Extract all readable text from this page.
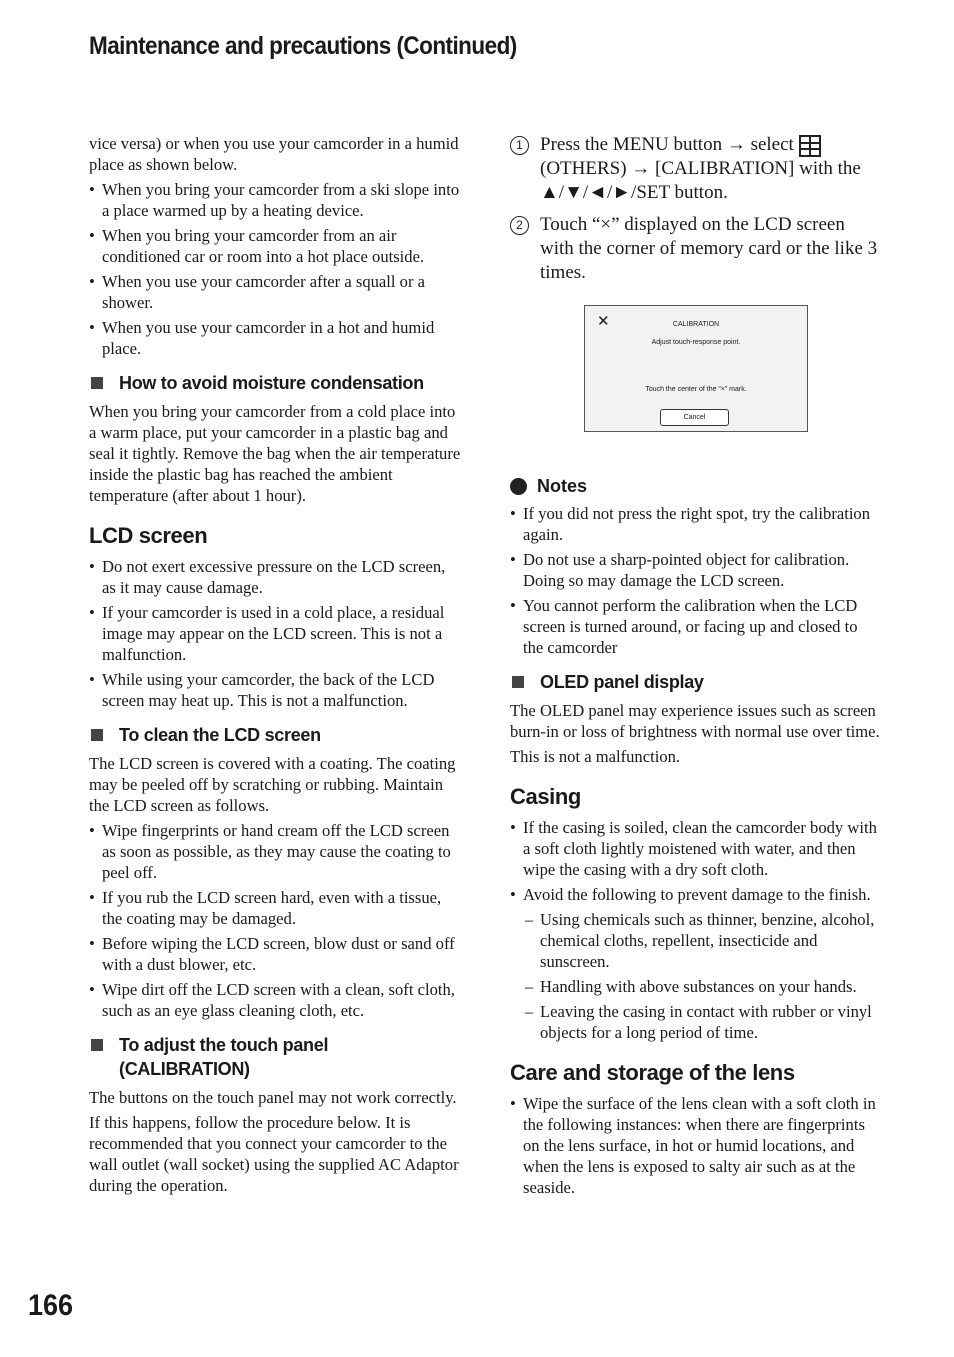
Maintenance and precautions (Continued)

vice versa) or when you use your camcorder in a humid place as shown below.

• When you bring your camcorder from a ski slope into a place warmed up by a heating device.
• When you bring your camcorder from an air conditioned car or room into a hot place outside.
• When you use your camcorder after a squall or a shower.
• When you use your camcorder in a hot and humid place.
How to avoid moisture condensation

When you bring your camcorder from a cold place into a warm place, put your camcorder in a plastic bag and seal it tightly. Remove the bag when the air temperature inside the plastic bag has reached the ambient temperature (after about 1 hour).

LCD screen
• Do not exert excessive pressure on the LCD screen, as it may cause damage.
• If your camcorder is used in a cold place, a residual image may appear on the LCD screen. This is not a malfunction.
• While using your camcorder, the back of the LCD screen may heat up. This is not a malfunction.
To clean the LCD screen

The LCD screen is covered with a coating. The coating may be peeled off by scratching or rubbing. Maintain the LCD screen as follows.

• Wipe fingerprints or hand cream off the LCD screen as soon as possible, as they may cause the coating to peel off.
• If you rub the LCD screen hard, even with a tissue, the coating may be damaged.
• Before wiping the LCD screen, blow dust or sand off with a dust blower, etc.
• Wipe dirt off the LCD screen with a clean, soft cloth, such as an eye glass cleaning cloth, etc.
To adjust the touch panel
(CALIBRATION)

The buttons on the touch panel may not work correctly.

If this happens, follow the procedure below. It is recommended that you connect your camcorder to the wall outlet (wall socket) using the supplied AC Adaptor during the operation.

1 Press the MENU button → select  (OTHERS) → [CALIBRATION] with the ▲/▼/◄/►/SET button.
2 Touch “×” displayed on the LCD screen with the corner of memory card or the like 3 times.
✕	CALIBRATION
Adjust touch-response point.
Touch the center of the “×” mark.
Cancel
Notes
• If you did not press the right spot, try the calibration again.
• Do not use a sharp-pointed object for calibration. Doing so may damage the LCD screen.
• You cannot perform the calibration when the LCD screen is turned around, or facing up and closed to the camcorder
OLED panel display

The OLED panel may experience issues such as screen burn-in or loss of brightness with normal use over time.

This is not a malfunction.

Casing
• If the casing is soiled, clean the camcorder body with a soft cloth lightly moistened with water, and then wipe the casing with a dry soft cloth.
• Avoid the following to prevent damage to the finish.
– Using chemicals such as thinner, benzine, alcohol, chemical cloths, repellent, insecticide and sunscreen.
– Handling with above substances on your hands.
– Leaving the casing in contact with rubber or vinyl objects for a long period of time.
Care and storage of the lens
• Wipe the surface of the lens clean with a soft cloth in the following instances: when there are fingerprints on the lens surface, in hot or humid locations, and when the lens is exposed to salty air such as at the seaside.
166
